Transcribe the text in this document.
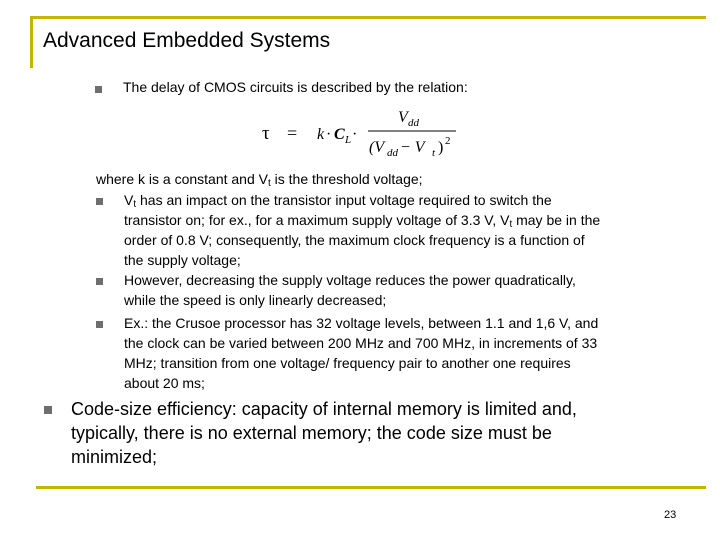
Advanced Embedded Systems
The delay of CMOS circuits is described by the relation:
τ = k · C L ·
V dd
(V dd − V t ) 2
where k is a constant and $V_t$ is the threshold voltage;
$V_t$ has an impact on the transistor input voltage required to switch the
transistor on; for ex., for a maximum supply voltage of 3.3 V, $V_t$ may be in the
order of 0.8 V; consequently, the maximum clock frequency is a function of
the supply voltage;
However, decreasing the supply voltage reduces the power quadratically,
while the speed is only linearly decreased;
Ex.: the Crusoe processor has 32 voltage levels, between 1.1 and 1,6 V, and
the clock can be varied between 200 MHz and 700 MHz, in increments of 33
MHz; transition from one voltage/ frequency pair to another one requires
about 20 ms;
Code-size efficiency: capacity of internal memory is limited and,
typically, there is no external memory; the code size must be
minimized;
23
